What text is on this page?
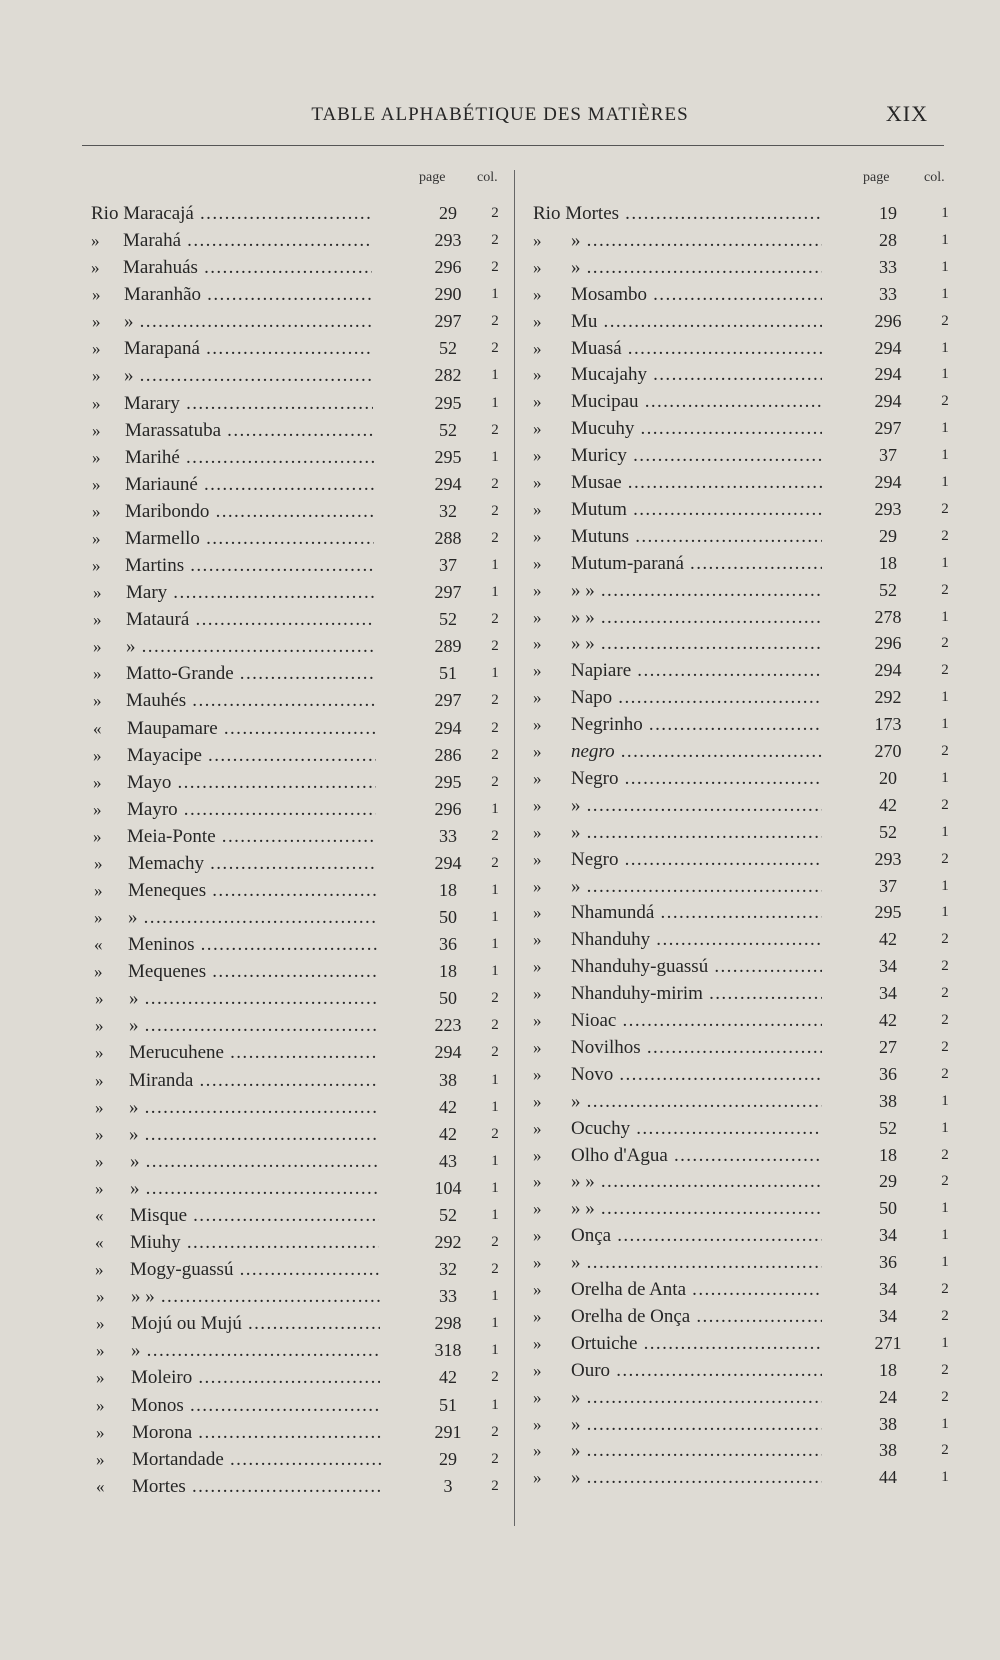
TABLE ALPHABÉTIQUE DES MATIÈRES	XIX
page col.
Rio Maracajá .....	29	2
» Marahá .....	293	2
» Marahuás .....	296	2
» Maranhão .....	290	1
» » .....	297	2
» Marapaná .....	52	2
» » .....	282	1
» Marary .....	295	1
» Marassatuba .....	52	2
» Marihé .....	295	1
» Mariauné .....	294	2
» Maribondo .....	32	2
» Marmello .....	288	2
» Martins .....	37	1
» Mary .....	297	1
» Mataurá .....	52	2
» » .....	289	2
» Matto-Grande .....	51	1
» Mauhés .....	297	2
« Maupamare .....	294	2
» Mayacipe .....	286	2
» Mayo .....	295	2
» Mayro .....	296	1
» Meia-Ponte .....	33	2
» Memachy .....	294	2
» Meneques .....	18	1
» » .....	50	1
« Meninos .....	36	1
» Mequenes .....	18	1
» » .....	50	2
» » .....	223	2
» Merucuhene .....	294	2
» Miranda .....	38	1
» » .....	42	1
» » .....	42	2
» » .....	43	1
» » .....	104	1
« Misque .....	52	1
« Miuhy .....	292	2
» Mogy-guassú .....	32	2
» » » .....	33	1
» Mojú ou Mujú .....	298	1
» » .....	318	1
» Moleiro .....	42	2
» Monos .....	51	1
» Morona .....	291	2
» Mortandade .....	29	2
« Mortes .....	3	2
page col.
Rio Mortes .....	19	1
» » .....	28	1
» » .....	33	1
» Mosambo .....	33	1
» Mu .....	296	2
» Muasá .....	294	1
» Mucajahy .....	294	1
» Mucipau .....	294	2
» Mucuhy .....	297	1
» Muricy .....	37	1
» Musae .....	294	1
» Mutum .....	293	2
» Mutuns .....	29	2
» Mutum-paraná .....	18	1
» » » .....	52	2
» » » .....	278	1
» » » .....	296	2
» Napiare .....	294	2
» Napo .....	292	1
» Negrinho .....	173	1
» negro .....	270	2
» Negro .....	20	1
» » .....	42	2
» » .....	52	1
» Negro .....	293	2
» » .....	37	1
» Nhamundá .....	295	1
» Nhanduhy .....	42	2
» Nhanduhy-guassú .....	34	2
» Nhanduhy-mirim .....	34	2
» Nioac .....	42	2
» Novilhos .....	27	2
» Novo .....	36	2
» » .....	38	1
» Ocuchy .....	52	1
» Olho d'Agua .....	18	2
» » » .....	29	2
» » » .....	50	1
» Onça .....	34	1
» » .....	36	1
» Orelha de Anta .....	34	2
» Orelha de Onça .....	34	2
» Ortuiche .....	271	1
» Ouro .....	18	2
» » .....	24	2
» » .....	38	1
» » .....	38	2
» » .....	44	1
